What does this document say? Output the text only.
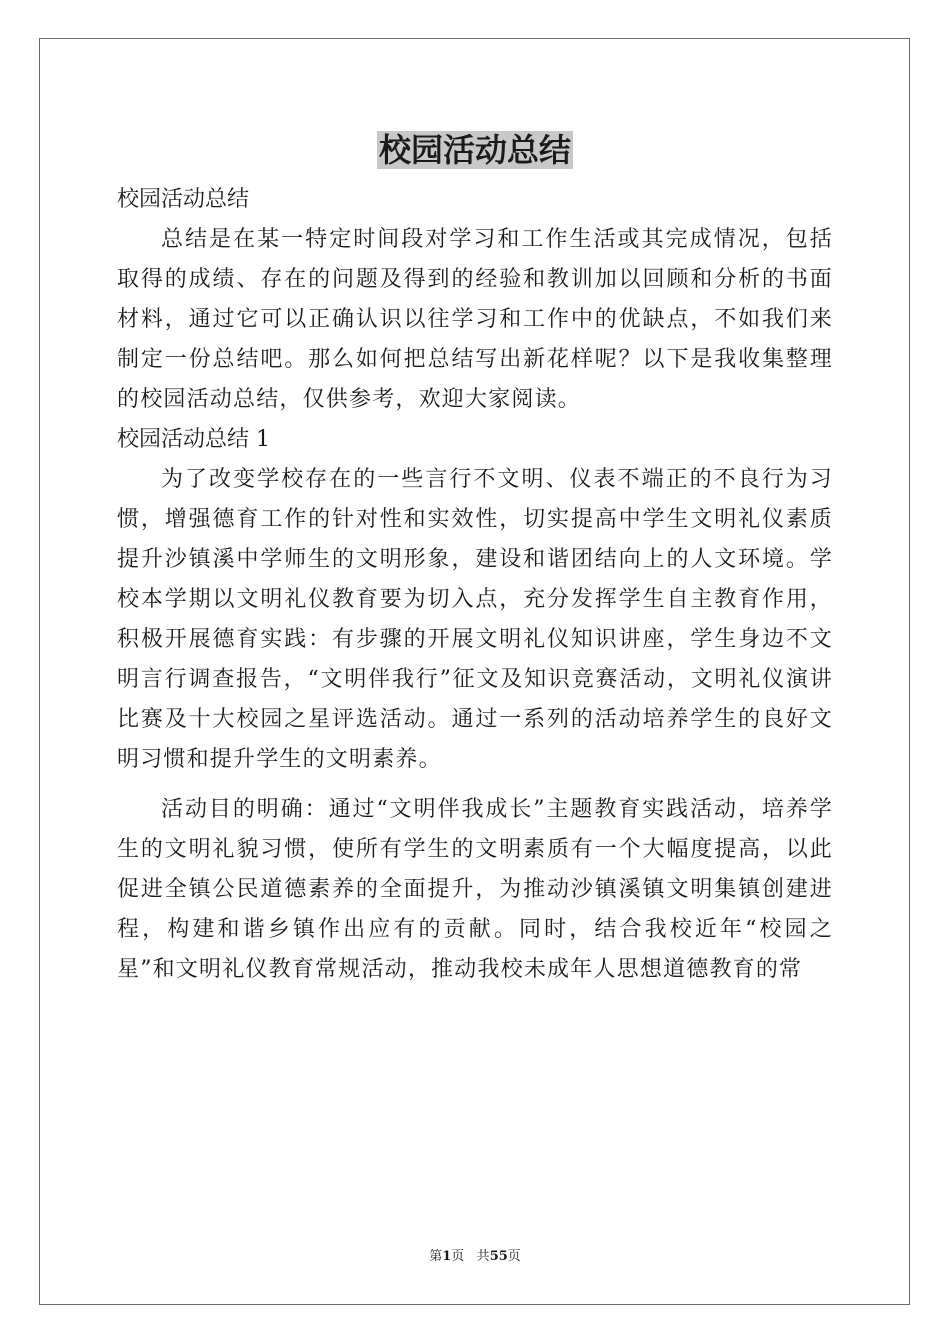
校园活动总结

校园活动总结

总结是在某一特定时间段对学习和工作生活或其完成情况，包括取得的成绩、存在的问题及得到的经验和教训加以回顾和分析的书面材料，通过它可以正确认识以往学习和工作中的优缺点，不如我们来制定一份总结吧。那么如何把总结写出新花样呢？以下是我收集整理的校园活动总结，仅供参考，欢迎大家阅读。

校园活动总结 1

为了改变学校存在的一些言行不文明、仪表不端正的不良行为习惯，增强德育工作的针对性和实效性，切实提高中学生文明礼仪素质提升沙镇溪中学师生的文明形象，建设和谐团结向上的人文环境。学校本学期以文明礼仪教育要为切入点，充分发挥学生自主教育作用，积极开展德育实践：有步骤的开展文明礼仪知识讲座，学生身边不文明言行调查报告，“文明伴我行”征文及知识竞赛活动，文明礼仪演讲比赛及十大校园之星评选活动。通过一系列的活动培养学生的良好文明习惯和提升学生的文明素养。

活动目的明确：通过“文明伴我成长”主题教育实践活动，培养学生的文明礼貌习惯，使所有学生的文明素质有一个大幅度提高，以此促进全镇公民道德素养的全面提升，为推动沙镇溪镇文明集镇创建进程，构建和谐乡镇作出应有的贡献。同时，结合我校近年“校园之星”和文明礼仪教育常规活动，推动我校未成年人思想道德教育的常

第1页 共55页
